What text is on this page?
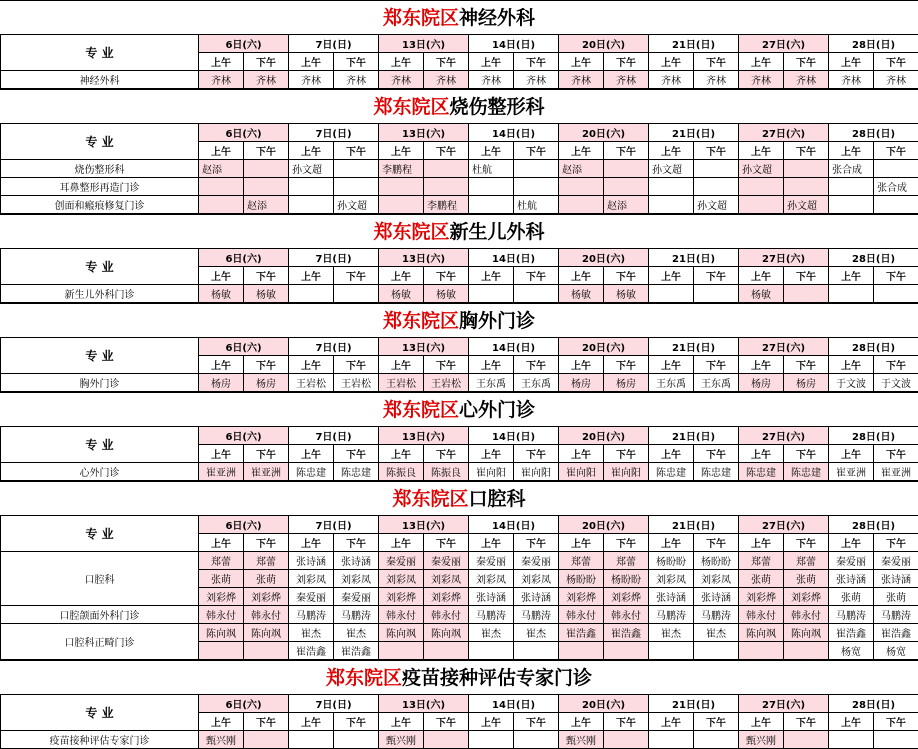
郑东院区神经外科
专 业	6日(六)		7日(日)		13日(六)		14日(日)		20日(六)		21日(日)		27日(六)		28日(日)	
	上午	下午	上午	下午	上午	下午	上午	下午	上午	下午	上午	下午	上午	下午	上午	下午
神经外科	齐林	齐林	齐林	齐林	齐林	齐林	齐林	齐林	齐林	齐林	齐林	齐林	齐林	齐林	齐林	齐林
郑东院区烧伤整形科
专 业	6日(六)		7日(日)		13日(六)		14日(日)		20日(六)		21日(日)		27日(六)		28日(日)	
	上午	下午	上午	下午	上午	下午	上午	下午	上午	下午	上午	下午	上午	下午	上午	下午
烧伤整形科	赵添		孙文超		李鹏程		杜航		赵添		孙文超		孙文超		张合成	
耳鼻整形再造门诊																张合成
创面和瘢痕修复门诊		赵添		孙文超		李鹏程		杜航		赵添		孙文超		孙文超		
郑东院区新生儿外科
专 业	6日(六)		7日(日)		13日(六)		14日(日)		20日(六)		21日(日)		27日(六)		28日(日)	
	上午	下午	上午	下午	上午	下午	上午	下午	上午	下午	上午	下午	上午	下午	上午	下午
新生儿外科门诊	杨敏	杨敏			杨敏	杨敏			杨敏	杨敏			杨敏			
郑东院区胸外门诊
专 业	6日(六)		7日(日)		13日(六)		14日(日)		20日(六)		21日(日)		27日(六)		28日(日)	
	上午	下午	上午	下午	上午	下午	上午	下午	上午	下午	上午	下午	上午	下午	上午	下午
胸外门诊	杨房	杨房	王岩松	王岩松	王岩松	王岩松	王东禹	王东禹	杨房	杨房	王东禹	王东禹	杨房	杨房	于文波	于文波
郑东院区心外门诊
专 业	6日(六)		7日(日)		13日(六)		14日(日)		20日(六)		21日(日)		27日(六)		28日(日)	
	上午	下午	上午	下午	上午	下午	上午	下午	上午	下午	上午	下午	上午	下午	上午	下午
心外门诊	崔亚洲	崔亚洲	陈忠建	陈忠建	陈振良	陈振良	崔向阳	崔向阳	崔向阳	崔向阳	陈忠建	陈忠建	陈忠建	陈忠建	崔亚洲	崔亚洲
郑东院区口腔科
专 业	6日(六)		7日(日)		13日(六)		14日(日)		20日(六)		21日(日)		27日(六)		28日(日)	
	上午	下午	上午	下午	上午	下午	上午	下午	上午	下午	上午	下午	上午	下午	上午	下午
口腔科	郑蕾	郑蕾	张诗涵	张诗涵	秦爱丽	秦爱丽	秦爱丽	秦爱丽	郑蕾	郑蕾	杨盼盼	杨盼盼	郑蕾	郑蕾	秦爱丽	秦爱丽
	张萌	张萌	刘彩凤	刘彩凤	刘彩凤	刘彩凤	刘彩凤	刘彩凤	杨盼盼	杨盼盼	刘彩凤	刘彩凤	张萌	张萌	张诗涵	张诗涵
	刘彩烨	刘彩烨	秦爱丽	秦爱丽	刘彩烨	刘彩烨	张诗涵	张诗涵	刘彩烨	刘彩烨	张诗涵	张诗涵	刘彩烨	刘彩烨	张萌	张萌
口腔颌面外科门诊	韩永付	韩永付	马鹏涛	马鹏涛	韩永付	韩永付	马鹏涛	马鹏涛	韩永付	韩永付	马鹏涛	马鹏涛	韩永付	韩永付	马鹏涛	马鹏涛
口腔科正畸门诊	陈向飒	陈向飒	崔杰	崔杰	陈向飒	陈向飒	崔杰	崔杰	崔浩鑫	崔浩鑫	崔杰	崔杰	陈向飒	陈向飒	崔浩鑫	崔浩鑫
			崔浩鑫	崔浩鑫											杨宽	杨宽
郑东院区疫苗接种评估专家门诊
专 业	6日(六)		7日(日)		13日(六)		14日(日)		20日(六)		21日(日)		27日(六)		28日(日)	
	上午	下午	上午	下午	上午	下午	上午	下午	上午	下午	上午	下午	上午	下午	上午	下午
疫苗接种评估专家门诊	甄兴刚				甄兴刚				甄兴刚				甄兴刚			
